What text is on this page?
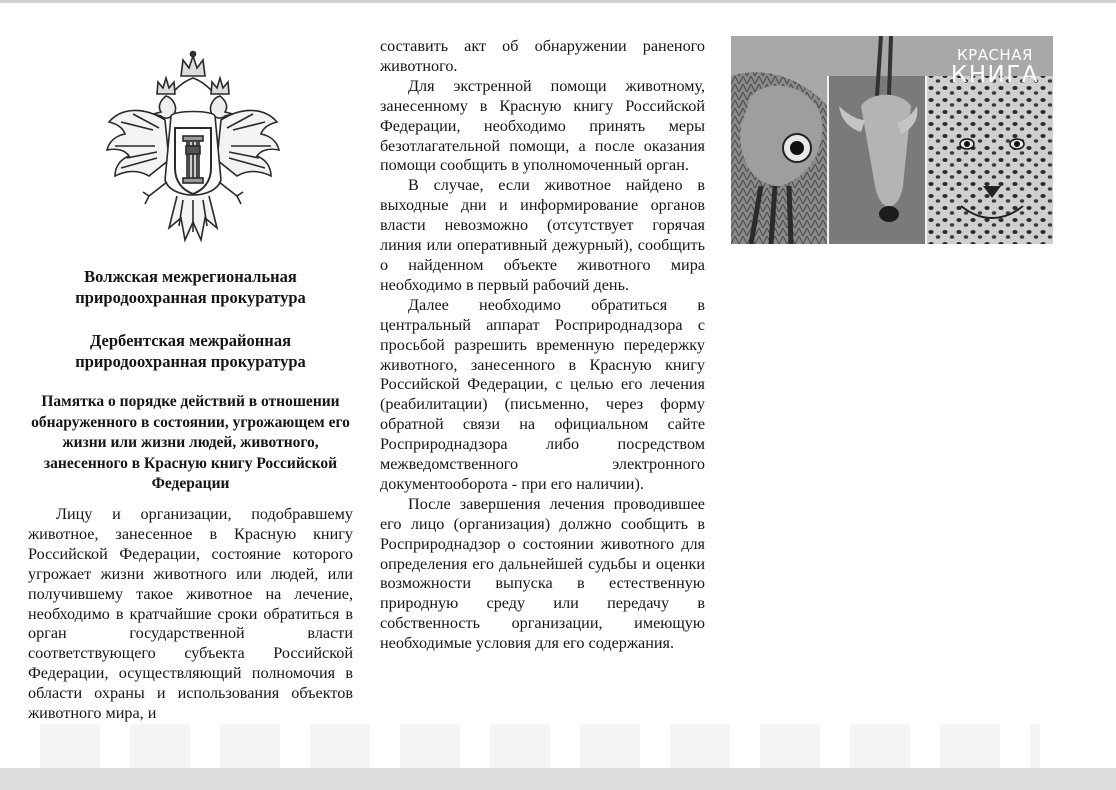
Волжская межрегиональная природоохранная прокуратура
Дербентская межрайонная природоохранная прокуратура
Памятка о порядке действий в отношении обнаруженного в состоянии, угрожающем его жизни или жизни людей, животного, занесенного в Красную книгу Российской Федерации

Лицу и организации, подобравшему животное, занесенное в Красную книгу Российской Федерации, состояние которого угрожает жизни животного или людей, или получившему такое животное на лечение, необходимо в кратчайшие сроки обратиться в орган государственной власти соответствующего субъекта Российской Федерации, осуществляющий полномочия в области охраны и использования объектов животного мира, и

составить акт об обнаружении раненого животного.

Для экстренной помощи животному, занесенному в Красную книгу Российской Федерации, необходимо принять меры безотлагательной помощи, а после оказания помощи сообщить в уполномоченный орган.

В случае, если животное найдено в выходные дни и информирование органов власти невозможно (отсутствует горячая линия или оперативный дежурный), сообщить о найденном объекте животного мира необходимо в первый рабочий день.

Далее необходимо обратиться в центральный аппарат Росприроднадзора с просьбой разрешить временную передержку животного, занесенного в Красную книгу Российской Федерации, с целью его лечения (реабилитации) (письменно, через форму обратной связи на официальном сайте Росприроднадзора либо посредством межведомственного электронного документооборота - при его наличии).

После завершения лечения проводившее его лицо (организация) должно сообщить в Росприроднадзор о состоянии животного для определения его дальнейшей судьбы и оценки возможности выпуска в естественную природную среду или передачу в собственность организации, имеющую необходимые условия для его содержания.

КРАСНАЯ
КНИГА
